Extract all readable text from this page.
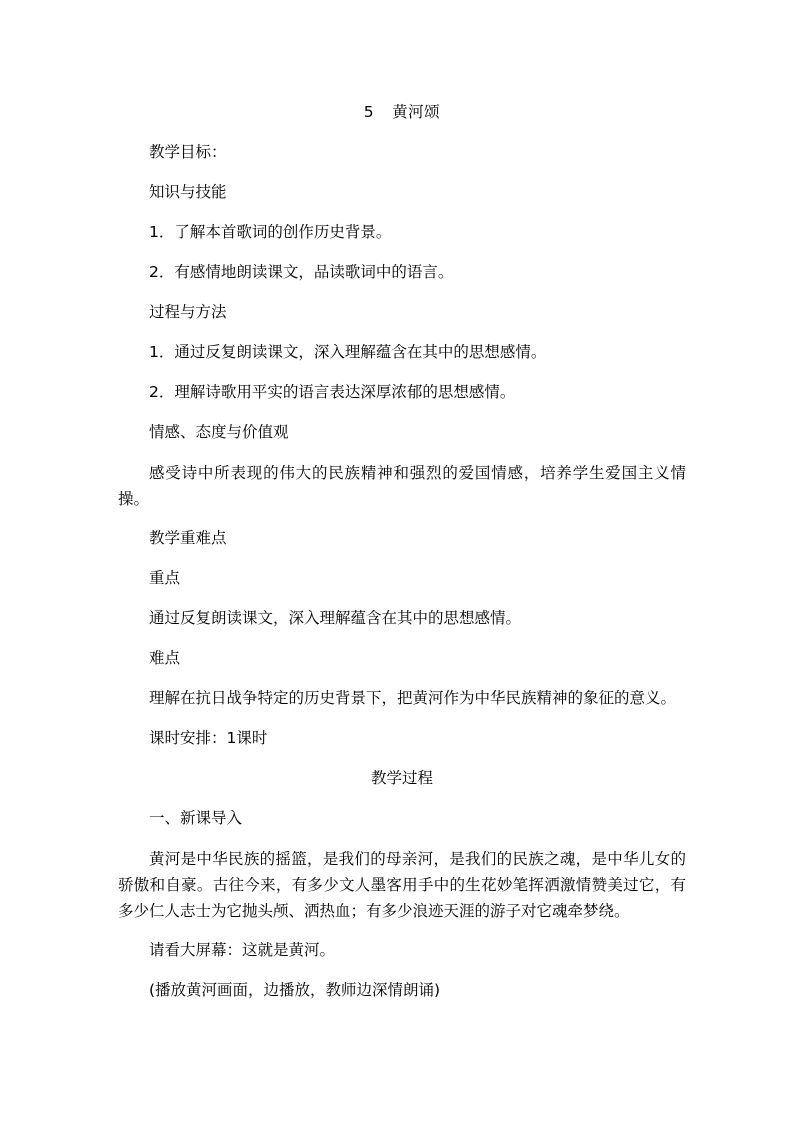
5 黄河颂
教学目标：
知识与技能
1．了解本首歌词的创作历史背景。
2．有感情地朗读课文，品读歌词中的语言。
过程与方法
1．通过反复朗读课文，深入理解蕴含在其中的思想感情。
2．理解诗歌用平实的语言表达深厚浓郁的思想感情。
情感、态度与价值观
感受诗中所表现的伟大的民族精神和强烈的爱国情感，培养学生爱国主义情操。
教学重难点
重点
通过反复朗读课文，深入理解蕴含在其中的思想感情。
难点
理解在抗日战争特定的历史背景下，把黄河作为中华民族精神的象征的意义。
课时安排：1课时
教学过程
一、新课导入
黄河是中华民族的摇篮，是我们的母亲河，是我们的民族之魂，是中华儿女的骄傲和自豪。古往今来，有多少文人墨客用手中的生花妙笔挥洒激情赞美过它，有多少仁人志士为它抛头颅、洒热血；有多少浪迹天涯的游子对它魂牵梦绕。
请看大屏幕：这就是黄河。
(播放黄河画面，边播放，教师边深情朗诵)
